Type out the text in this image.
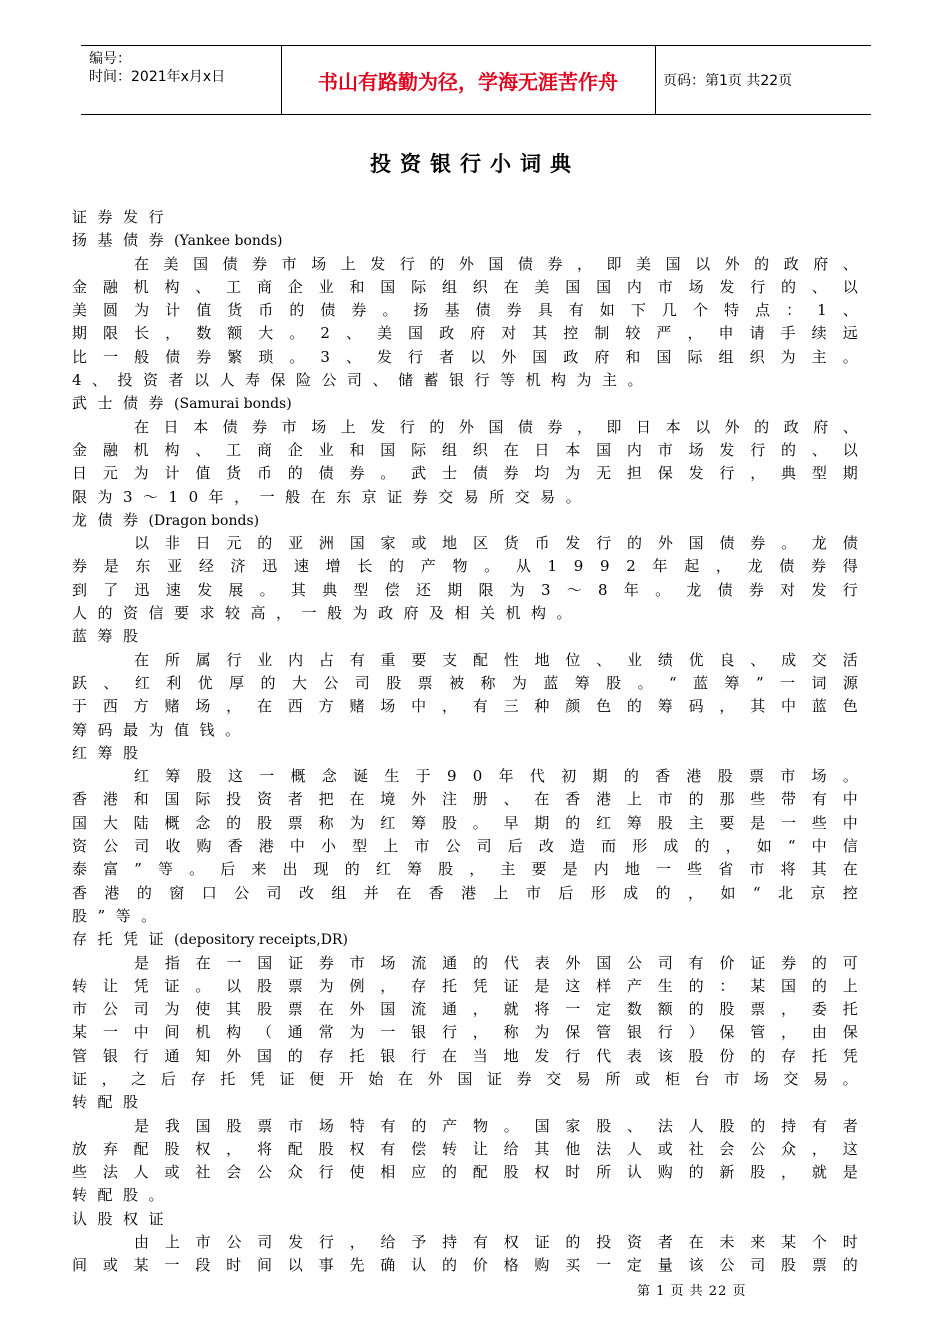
编号：
时间：2021年x月x日	书山有路勤为径，学海无涯苦作舟	页码：第1页 共22页
投资银行小词典
证券发行
扬基债券(Yankee bonds)
在 美 国 债 券 市 场 上 发 行 的 外 国 债 券 ， 即 美 国 以 外 的 政 府 、
金 融 机 构 、 工 商 企 业 和 国 际 组 织 在 美 国 国 内 市 场 发 行 的 、 以
美 圆 为 计 值 货 币 的 债 券 。 扬 基 债 券 具 有 如 下 几 个 特 点 ： 1 、
期 限 长 ， 数 额 大 。 2 、 美 国 政 府 对 其 控 制 较 严 ， 申 请 手 续 远
比 一 般 债 券 繁 琐 。 3 、 发 行 者 以 外 国 政 府 和 国 际 组 织 为 主 。
4、投资者以人寿保险公司、储蓄银行等机构为主。
武士债券(Samurai bonds)
在 日 本 债 券 市 场 上 发 行 的 外 国 债 券 ， 即 日 本 以 外 的 政 府 、
金 融 机 构 、 工 商 企 业 和 国 际 组 织 在 日 本 国 内 市 场 发 行 的 、 以
日 元 为 计 值 货 币 的 债 券 。 武 士 债 券 均 为 无 担 保 发 行 ， 典 型 期
限为3～10年，一般在东京证券交易所交易。
龙债券(Dragon bonds)
以 非 日 元 的 亚 洲 国 家 或 地 区 货 币 发 行 的 外 国 债 券 。 龙 债
券 是 东 亚 经 济 迅 速 增 长 的 产 物 。 从 1 9 9 2 年 起 ， 龙 债 券 得
到 了 迅 速 发 展 。 其 典 型 偿 还 期 限 为 3 ～ 8 年 。 龙 债 券 对 发 行
人的资信要求较高，一般为政府及相关机构。
蓝筹股
在 所 属 行 业 内 占 有 重 要 支 配 性 地 位 、 业 绩 优 良 、 成 交 活
跃 、 红 利 优 厚 的 大 公 司 股 票 被 称 为 蓝 筹 股 。 “ 蓝 筹 ” 一 词 源
于 西 方 赌 场 ， 在 西 方 赌 场 中 ， 有 三 种 颜 色 的 筹 码 ， 其 中 蓝 色
筹码最为值钱。
红筹股
红 筹 股 这 一 概 念 诞 生 于 9 0 年 代 初 期 的 香 港 股 票 市 场 。
香 港 和 国 际 投 资 者 把 在 境 外 注 册 、 在 香 港 上 市 的 那 些 带 有 中
国 大 陆 概 念 的 股 票 称 为 红 筹 股 。 早 期 的 红 筹 股 主 要 是 一 些 中
资 公 司 收 购 香 港 中 小 型 上 市 公 司 后 改 造 而 形 成 的 ， 如 “ 中 信
泰 富 ” 等 。 后 来 出 现 的 红 筹 股 ， 主 要 是 内 地 一 些 省 市 将 其 在
香 港 的 窗 口 公 司 改 组 并 在 香 港 上 市 后 形 成 的 ， 如 “ 北 京 控
股”等。
存托凭证(depository receipts,DR)
是 指 在 一 国 证 券 市 场 流 通 的 代 表 外 国 公 司 有 价 证 券 的 可
转 让 凭 证 。 以 股 票 为 例 ， 存 托 凭 证 是 这 样 产 生 的 ： 某 国 的 上
市 公 司 为 使 其 股 票 在 外 国 流 通 ， 就 将 一 定 数 额 的 股 票 ， 委 托
某 一 中 间 机 构 （ 通 常 为 一 银 行 ， 称 为 保 管 银 行 ） 保 管 ， 由 保
管 银 行 通 知 外 国 的 存 托 银 行 在 当 地 发 行 代 表 该 股 份 的 存 托 凭
证 ， 之 后 存 托 凭 证 便 开 始 在 外 国 证 券 交 易 所 或 柜 台 市 场 交 易 。
转配股
是 我 国 股 票 市 场 特 有 的 产 物 。 国 家 股 、 法 人 股 的 持 有 者
放 弃 配 股 权 ， 将 配 股 权 有 偿 转 让 给 其 他 法 人 或 社 会 公 众 ， 这
些 法 人 或 社 会 公 众 行 使 相 应 的 配 股 权 时 所 认 购 的 新 股 ， 就 是
转配股。
认股权证
由 上 市 公 司 发 行 ， 给 予 持 有 权 证 的 投 资 者 在 未 来 某 个 时
间 或 某 一 段 时 间 以 事 先 确 认 的 价 格 购 买 一 定 量 该 公 司 股 票 的
第 1 页 共 22 页
